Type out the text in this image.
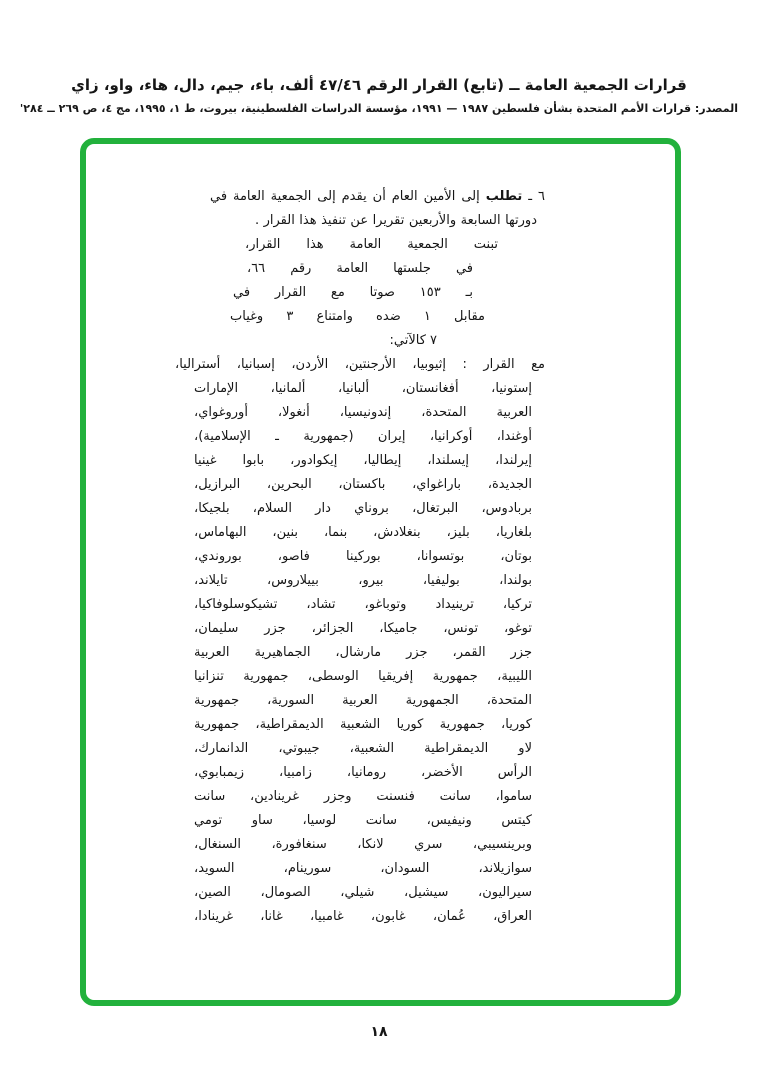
قرارات الجمعية العامة ــ (تابع) القرار الرقم ٤٧/٤٦ ألف، باء، جيم، دال، هاء، واو، زاي
المصدر: قرارات الأمم المتحدة بشأن فلسطين ١٩٨٧ — ١٩٩١، مؤسسة الدراسات الفلسطينية، بيروت، ط ١، ١٩٩٥، مج ٤، ص ٢٦٩ ــ ٢٨٤'
٦ ـ تطلب إلى الأمين العام أن يقدم إلى الجمعية العامة في
دورتها السابعة والأربعين تقريرا عن تنفيذ هذا القرار .
تبنت الجمعية العامة هذا القرار،
في جلستها العامة رقم ٦٦،
بـ ١٥٣ صوتا مع القرار في
مقابل ١ ضده وامتناع ٣ وغياب
٧ كالآتي:
مع القرار : إثيوبيا، الأرجنتين، الأردن، إسبانيا، أستراليا،
إستونيا، أفغانستان، ألبانيا، ألمانيا، الإمارات
العربية المتحدة، إندونيسيا، أنغولا، أوروغواي،
أوغندا، أوكرانيا، إيران (جمهورية ـ الإسلامية)،
إيرلندا، إيسلندا، إيطاليا، إيكوادور، بابوا غينيا
الجديدة، باراغواي، باكستان، البحرين، البرازيل،
بربادوس، البرتغال، بروناي دار السلام، بلجيكا،
بلغاريا، بليز، بنغلادش، بنما، بنين، البهاماس،
بوتان، بوتسوانا، بوركينا فاصو، بوروندي،
بولندا، بوليفيا، بيرو، بييلاروس، تايلاند،
تركيا، ترينيداد وتوباغو، تشاد، تشيكوسلوفاكيا،
توغو، تونس، جاميكا، الجزائر، جزر سليمان،
جزر القمر، جزر مارشال، الجماهيرية العربية
الليبية، جمهورية إفريقيا الوسطى، جمهورية تنزانيا
المتحدة، الجمهورية العربية السورية، جمهورية
كوريا، جمهورية كوريا الشعبية الديمقراطية، جمهورية
لاو الديمقراطية الشعبية، جيبوتي، الدانمارك،
الرأس الأخضر، رومانيا، زامبيا، زيمبابوي،
ساموا، سانت فنسنت وجزر غرينادين، سانت
كيتس ونيفيس، سانت لوسيا، ساو تومي
وبرينسيبي، سري لانكا، سنغافورة، السنغال،
سوازيلاند، السودان، سورينام، السويد،
سيراليون، سيشيل، شيلي، الصومال، الصين،
العراق، عُمان، غابون، غامبيا، غانا، غرينادا،
١٨
